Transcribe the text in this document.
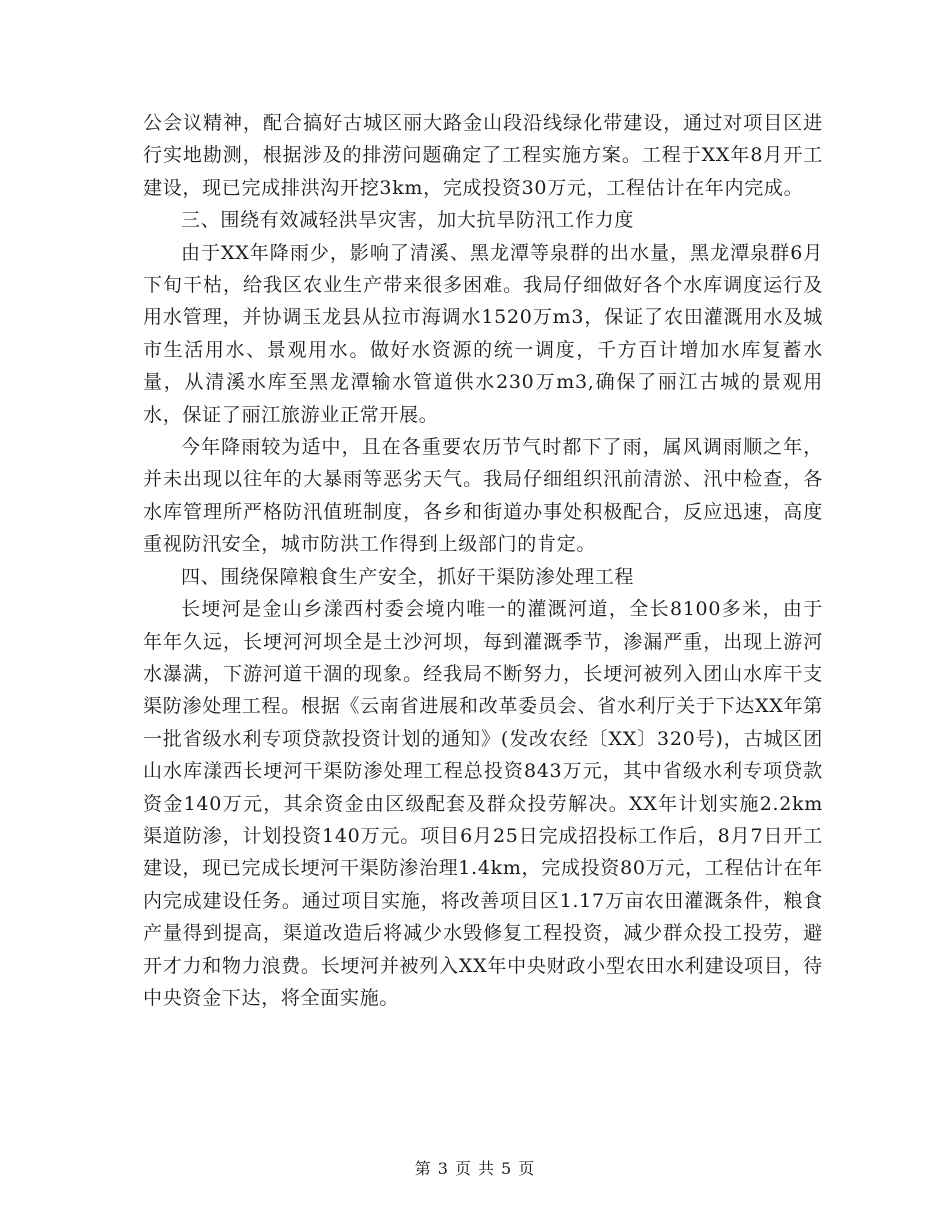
公会议精神，配合搞好古城区丽大路金山段沿线绿化带建设，通过对项目区进行实地勘测，根据涉及的排涝问题确定了工程实施方案。工程于XX年8月开工建设，现已完成排洪沟开挖3km，完成投资30万元，工程估计在年内完成。

三、围绕有效减轻洪旱灾害，加大抗旱防汛工作力度

由于XX年降雨少，影响了清溪、黑龙潭等泉群的出水量，黑龙潭泉群6月下旬干枯，给我区农业生产带来很多困难。我局仔细做好各个水库调度运行及用水管理，并协调玉龙县从拉市海调水1520万m3，保证了农田灌溉用水及城市生活用水、景观用水。做好水资源的统一调度，千方百计增加水库复蓄水量，从清溪水库至黑龙潭输水管道供水230万m3,确保了丽江古城的景观用水，保证了丽江旅游业正常开展。

今年降雨较为适中，且在各重要农历节气时都下了雨，属风调雨顺之年，并未出现以往年的大暴雨等恶劣天气。我局仔细组织汛前清淤、汛中检查，各水库管理所严格防汛值班制度，各乡和街道办事处积极配合，反应迅速，高度重视防汛安全，城市防洪工作得到上级部门的肯定。

四、围绕保障粮食生产安全，抓好干渠防渗处理工程

长埂河是金山乡漾西村委会境内唯一的灌溉河道，全长8100多米，由于年年久远，长埂河河坝全是土沙河坝，每到灌溉季节，渗漏严重，出现上游河水瀑满，下游河道干涸的现象。经我局不断努力，长埂河被列入团山水库干支渠防渗处理工程。根据《云南省进展和改革委员会、省水利厅关于下达XX年第一批省级水利专项贷款投资计划的通知》(发改农经〔XX〕320号)，古城区团山水库漾西长埂河干渠防渗处理工程总投资843万元，其中省级水利专项贷款资金140万元，其余资金由区级配套及群众投劳解决。XX年计划实施2.2km渠道防渗，计划投资140万元。项目6月25日完成招投标工作后，8月7日开工建设，现已完成长埂河干渠防渗治理1.4km，完成投资80万元，工程估计在年内完成建设任务。通过项目实施，将改善项目区1.17万亩农田灌溉条件，粮食产量得到提高，渠道改造后将减少水毁修复工程投资，减少群众投工投劳，避开才力和物力浪费。长埂河并被列入XX年中央财政小型农田水利建设项目，待中央资金下达，将全面实施。

第 3 页 共 5 页
